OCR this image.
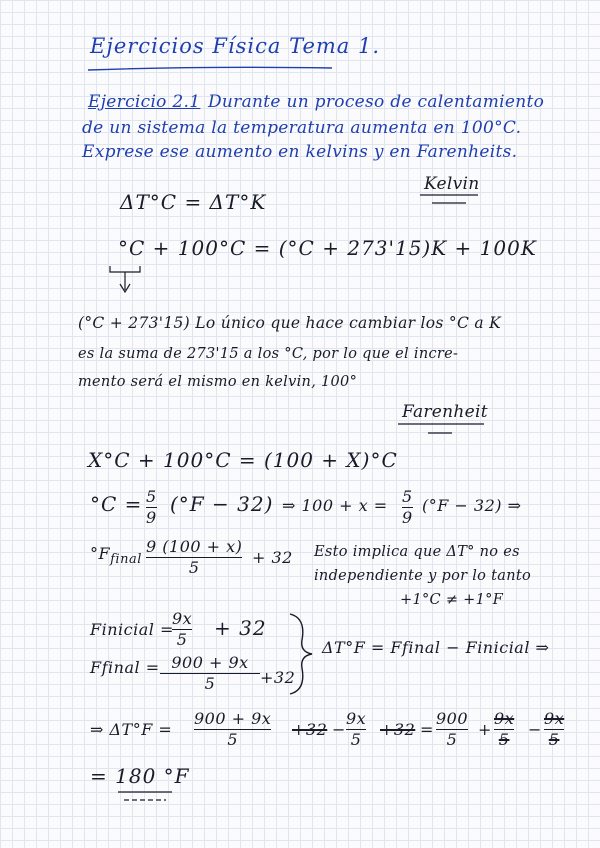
Ejercicios Física Tema 1.
Ejercicio 2.1 Durante un proceso de calentamiento
de un sistema la temperatura aumenta en 100°C.
Exprese ese aumento en kelvins y en Farenheits.
Kelvin
ΔT°C = ΔT°K
°C + 100°C = (°C + 273'15)K + 100K
(°C + 273'15) Lo único que hace cambiar los °C a K
es la suma de 273'15 a los °C, por lo que el incre-
mento será el mismo en kelvin, 100°
Farenheit
X°C + 100°C = (100 + X)°C
°C = 5
9
(°F − 32) ⇒ 100 + x = 5
9
(°F − 32) ⇒
$^\circ F_{final}$
9 (100 + x)
5
+ 32 Esto implica que ΔT° no es
independiente y por lo tanto
+1°C ≠ +1°F
Finicial =
9x
5 + 32
Ffinal = 900 + 9x
5	+32
ΔT°F = Ffinal − Finicial ⇒
⇒ ΔT°F =
900 + 9x
5
+32 −
9x
5
+32 =
900
5
+
9x
5
−
9x
5
= 180 °F
